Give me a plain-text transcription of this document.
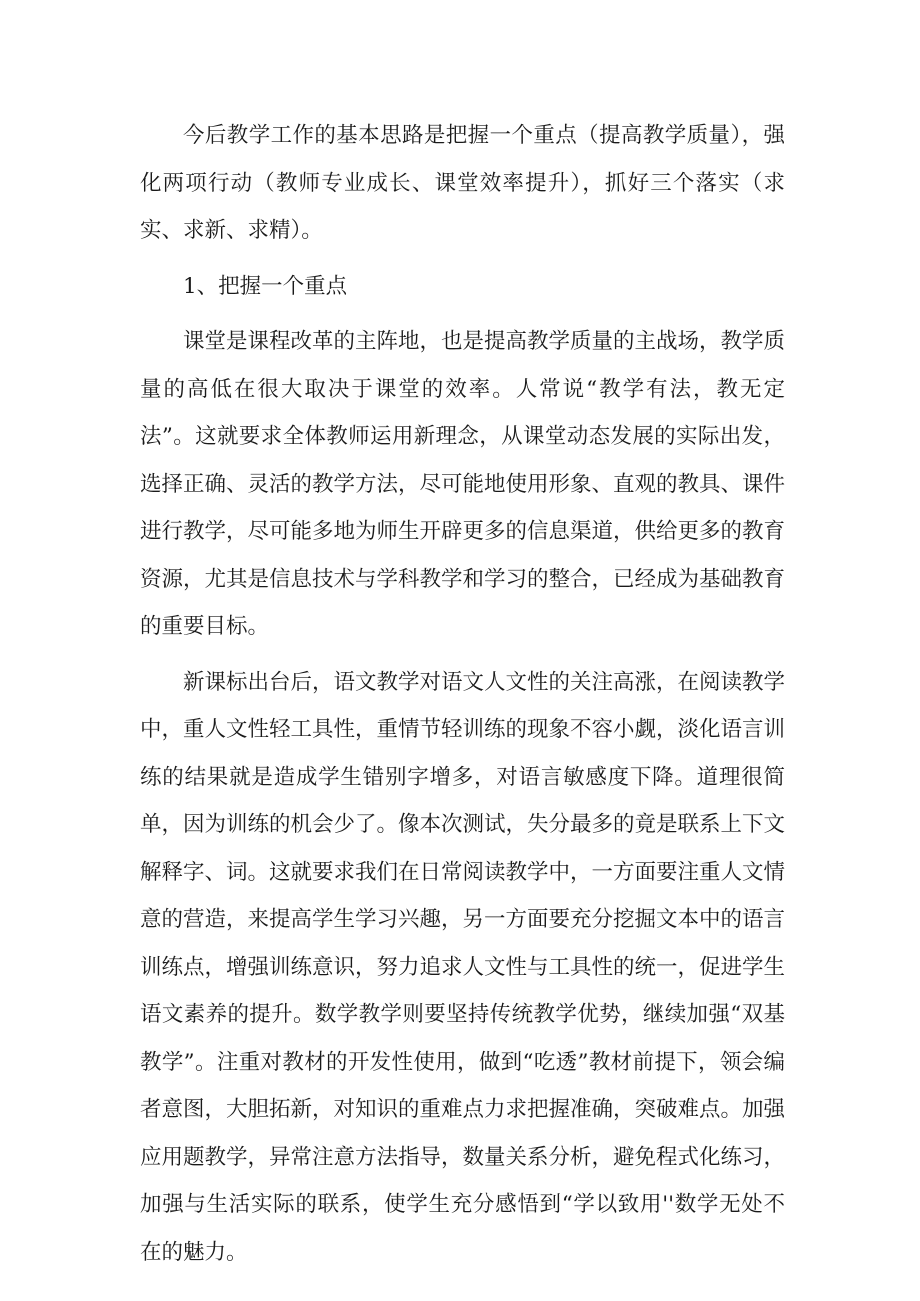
今后教学工作的基本思路是把握一个重点（提高教学质量），强化两项行动（教师专业成长、课堂效率提升），抓好三个落实（求实、求新、求精）。

1、把握一个重点

课堂是课程改革的主阵地，也是提高教学质量的主战场，教学质量的高低在很大取决于课堂的效率。人常说“教学有法，教无定法”。这就要求全体教师运用新理念，从课堂动态发展的实际出发，选择正确、灵活的教学方法，尽可能地使用形象、直观的教具、课件进行教学，尽可能多地为师生开辟更多的信息渠道，供给更多的教育资源，尤其是信息技术与学科教学和学习的整合，已经成为基础教育的重要目标。

新课标出台后，语文教学对语文人文性的关注高涨，在阅读教学中，重人文性轻工具性，重情节轻训练的现象不容小觑，淡化语言训练的结果就是造成学生错别字增多，对语言敏感度下降。道理很简单，因为训练的机会少了。像本次测试，失分最多的竟是联系上下文解释字、词。这就要求我们在日常阅读教学中，一方面要注重人文情意的营造，来提高学生学习兴趣，另一方面要充分挖掘文本中的语言训练点，增强训练意识，努力追求人文性与工具性的统一，促进学生语文素养的提升。数学教学则要坚持传统教学优势，继续加强“双基教学”。注重对教材的开发性使用，做到“吃透”教材前提下，领会编者意图，大胆拓新，对知识的重难点力求把握准确，突破难点。加强应用题教学，异常注意方法指导，数量关系分析，避免程式化练习，加强与生活实际的联系，使学生充分感悟到“学以致用''数学无处不在的魅力。
